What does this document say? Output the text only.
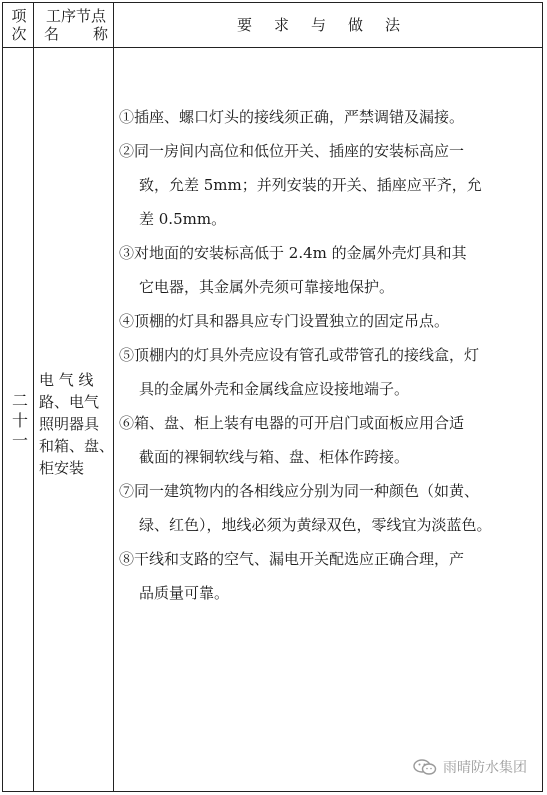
项
次
工序节点
名 称	要求与做法
二
十
一
电 气 线
路、电气
照明器具
和箱、盘、
柜安装

①插座、螺口灯头的接线须正确，严禁调错及漏接。

②同一房间内高位和低位开关、插座的安装标高应一
致，允差 5mm；并列安装的开关、插座应平齐，允
差 0.5mm。

③对地面的安装标高低于 2.4m 的金属外壳灯具和其
它电器，其金属外壳须可靠接地保护。

④顶棚的灯具和器具应专门设置独立的固定吊点。

⑤顶棚内的灯具外壳应设有管孔或带管孔的接线盒，灯
具的金属外壳和金属线盒应设接地端子。

⑥箱、盘、柜上装有电器的可开启门或面板应用合适
截面的裸铜软线与箱、盘、柜体作跨接。

⑦同一建筑物内的各相线应分别为同一种颜色（如黄、
绿、红色），地线必须为黄绿双色，零线宜为淡蓝色。

⑧干线和支路的空气、漏电开关配选应正确合理，产
品质量可靠。

雨晴防水集团
